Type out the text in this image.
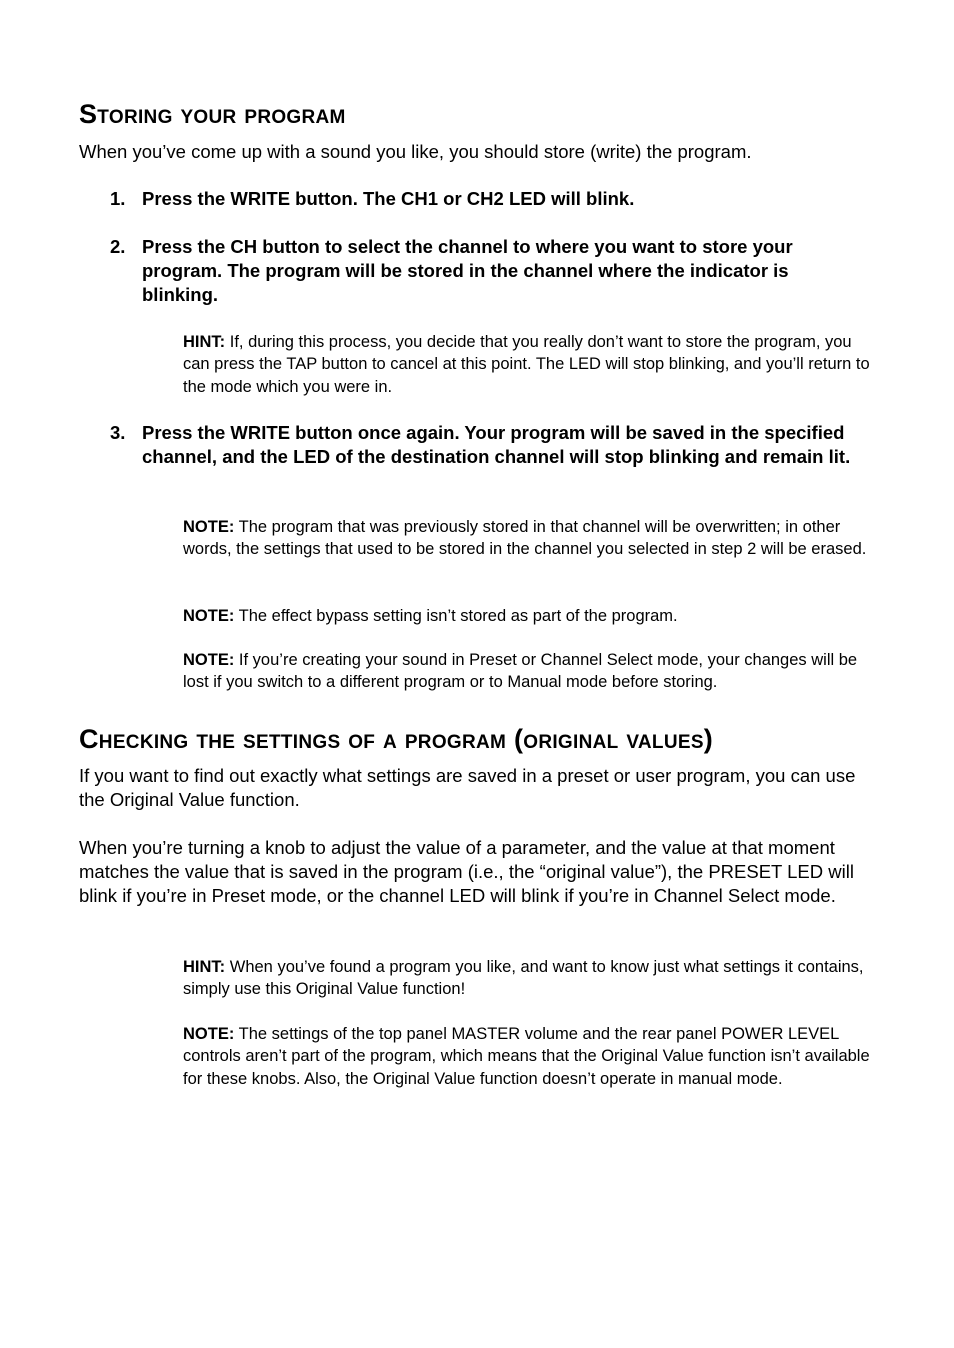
Storing your program

When you’ve come up with a sound you like, you should store (write) the program.

1. Press the WRITE button. The CH1 or CH2 LED will blink.
2. Press the CH button to select the channel to where you want to store your program. The program will be stored in the channel where the indicator is blinking.

HINT: If, during this process, you decide that you really don’t want to store the program, you can press the TAP button to cancel at this point. The LED will stop blinking, and you’ll return to the mode which you were in.

3. Press the WRITE button once again. Your program will be saved in the specified channel, and the LED of the destination channel will stop blinking and remain lit.

NOTE: The program that was previously stored in that channel will be overwritten; in other words, the settings that used to be stored in the channel you selected in step 2 will be erased.

NOTE: The effect bypass setting isn’t stored as part of the program.

NOTE: If you’re creating your sound in Preset or Channel Select mode, your changes will be lost if you switch to a different program or to Manual mode before storing.

Checking the settings of a program (original values)

If you want to find out exactly what settings are saved in a preset or user program, you can use the Original Value function.

When you’re turning a knob to adjust the value of a parameter, and the value at that moment matches the value that is saved in the program (i.e., the “original value”), the PRESET LED will blink if you’re in Preset mode, or the channel LED will blink if you’re in Channel Select mode.

HINT: When you’ve found a program you like, and want to know just what settings it contains, simply use this Original Value function!

NOTE: The settings of the top panel MASTER volume and the rear panel POWER LEVEL controls aren’t part of the program, which means that the Original Value function isn’t available for these knobs. Also, the Original Value function doesn’t operate in manual mode.
